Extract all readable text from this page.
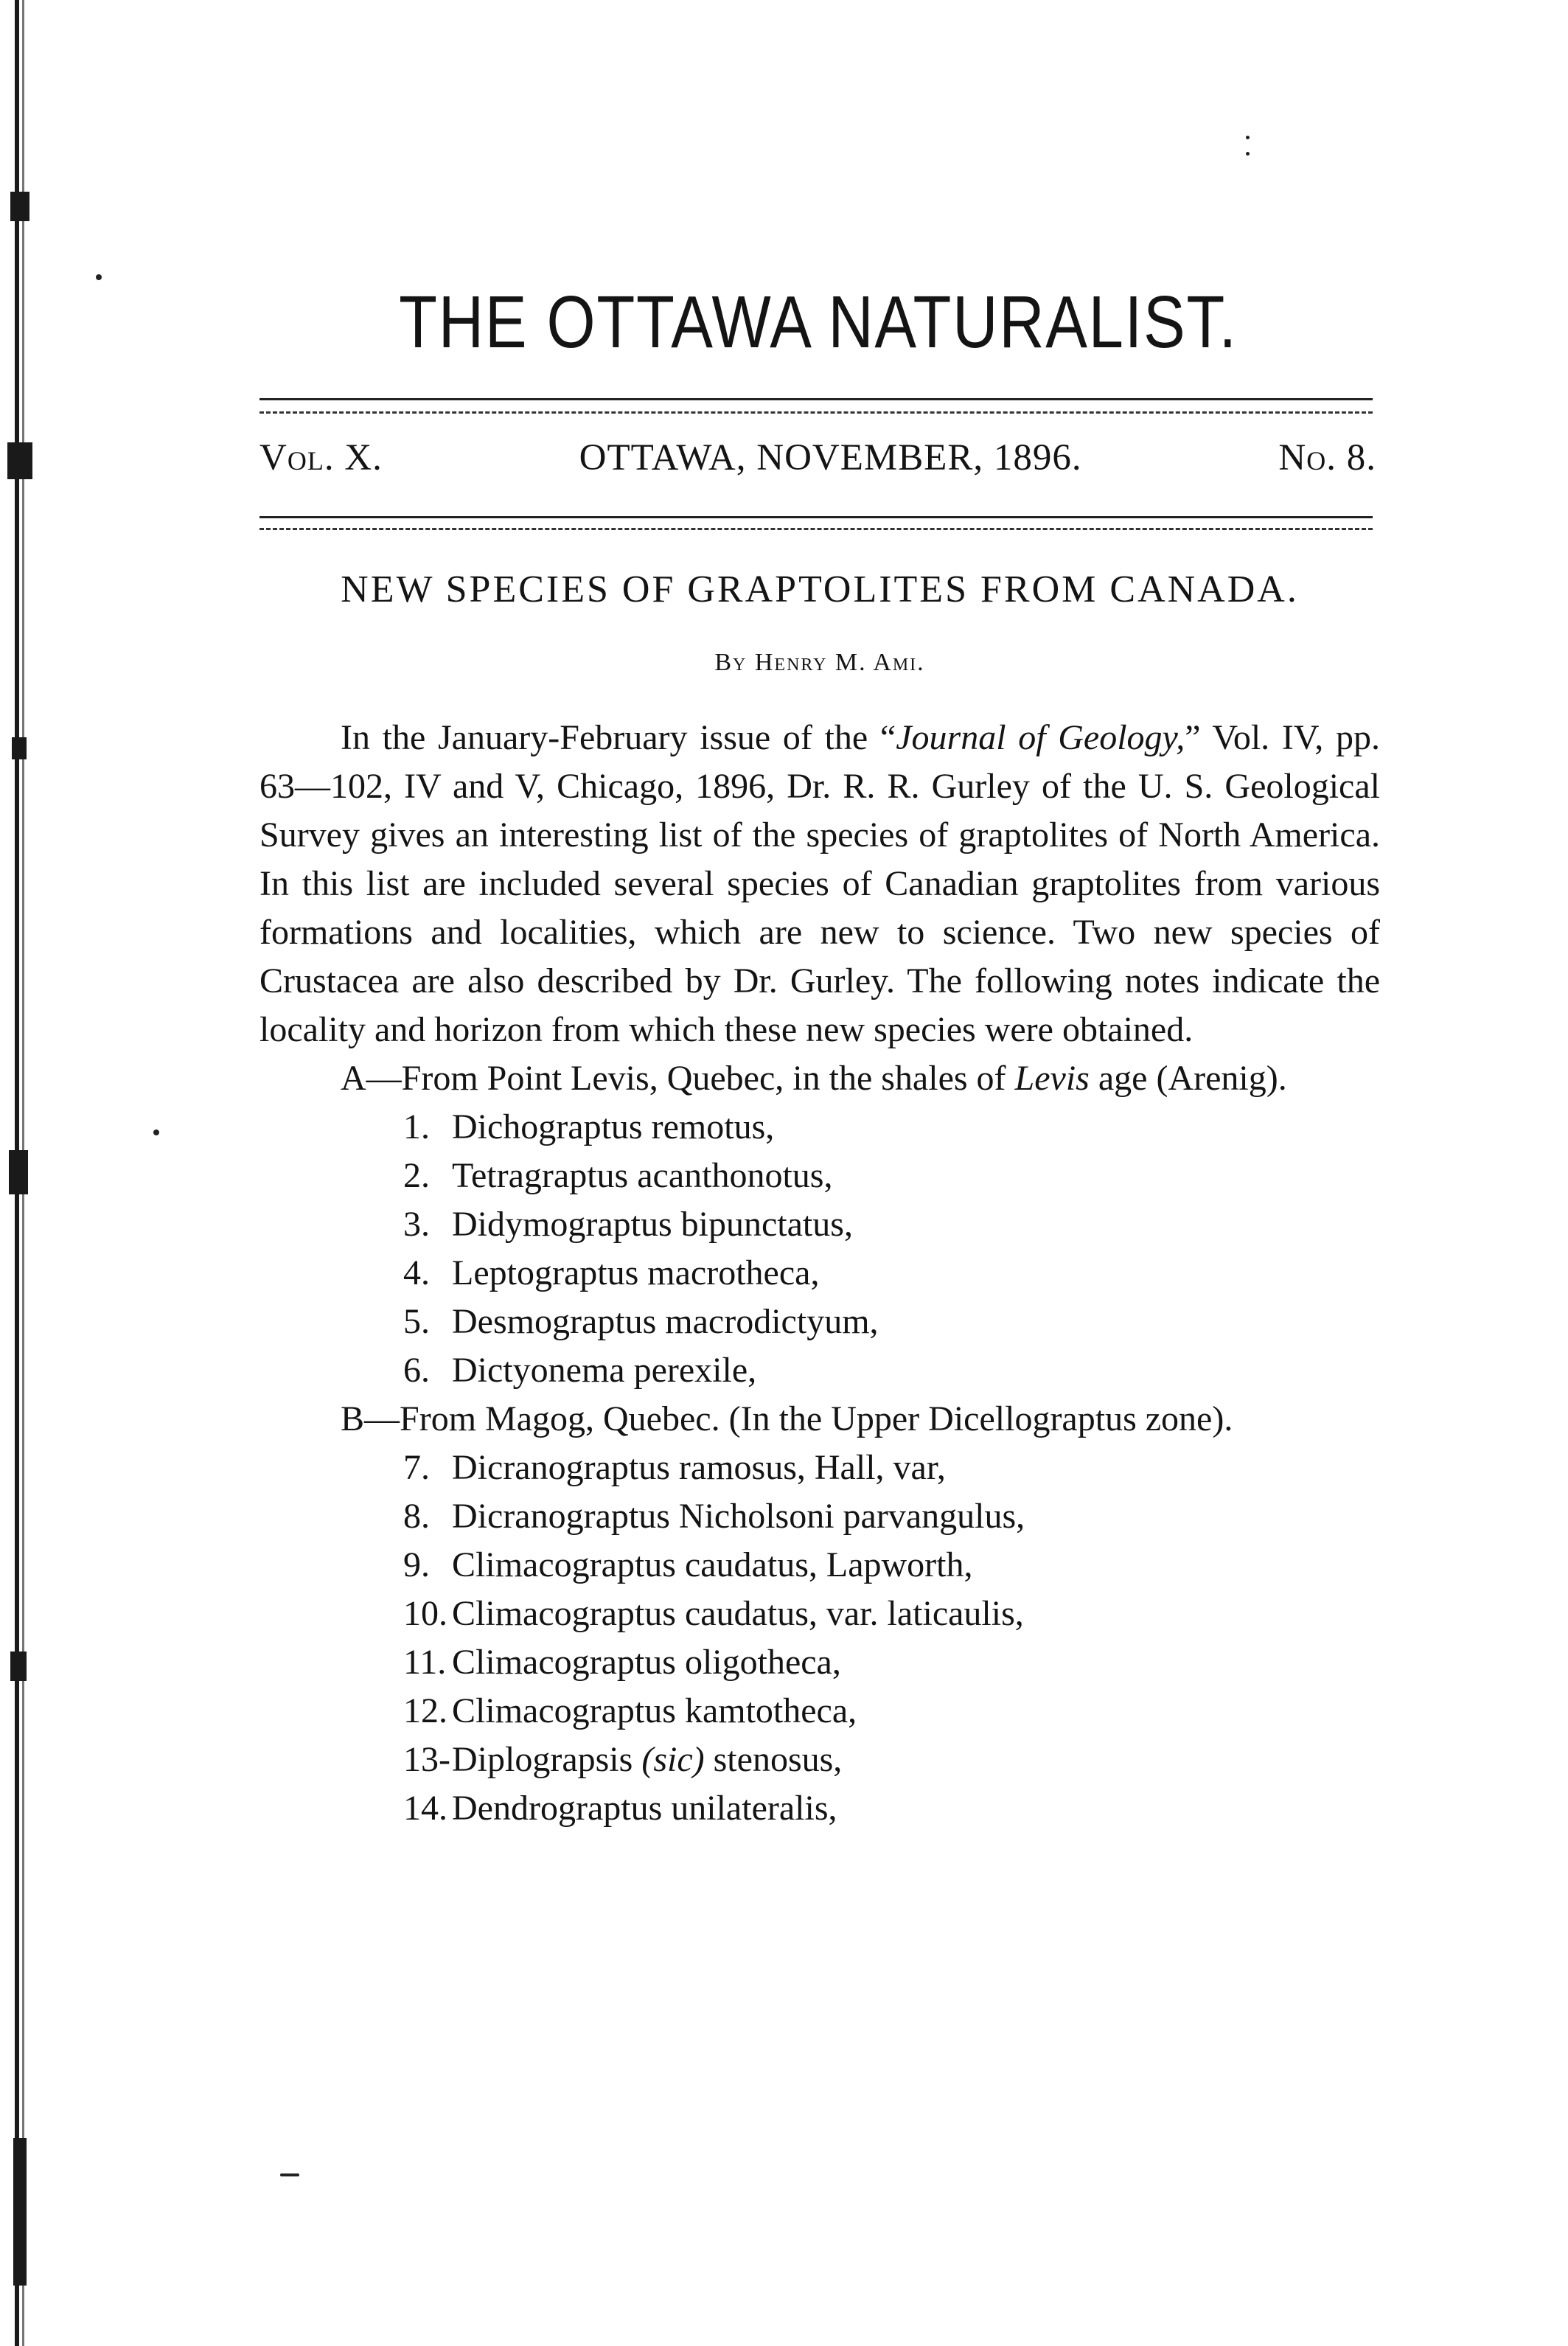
THE OTTAWA NATURALIST.
Vol. X.	OTTAWA, NOVEMBER, 1896.	No. 8.
NEW SPECIES OF GRAPTOLITES FROM CANADA.
By Henry M. Ami.

In the January-February issue of the “Journal of Geology,” Vol. IV, pp. 63—102, IV and V, Chicago, 1896, Dr. R. R. Gurley of the U. S. Geological Survey gives an interesting list of the species of graptolites of North America. In this list are included several species of Canadian graptolites from various formations and localities, which are new to science. Two new species of Crustacea are also described by Dr. Gurley. The following notes indicate the locality and horizon from which these new species were obtained.

A—From Point Levis, Quebec, in the shales of Levis age (Arenig).

1. Dichograptus remotus,
2. Tetragraptus acanthonotus,
3. Didymograptus bipunctatus,
4. Leptograptus macrotheca,
5. Desmograptus macrodictyum,
6. Dictyonema perexile,

B—From Magog, Quebec. (In the Upper Dicellograptus zone).

7. Dicranograptus ramosus, Hall, var,
8. Dicranograptus Nicholsoni parvangulus,
9. Climacograptus caudatus, Lapworth,
10. Climacograptus caudatus, var. laticaulis,
11. Climacograptus oligotheca,
12. Climacograptus kamtotheca,
13-Diplograpsis (sic) stenosus,
14. Dendrograptus unilateralis,
